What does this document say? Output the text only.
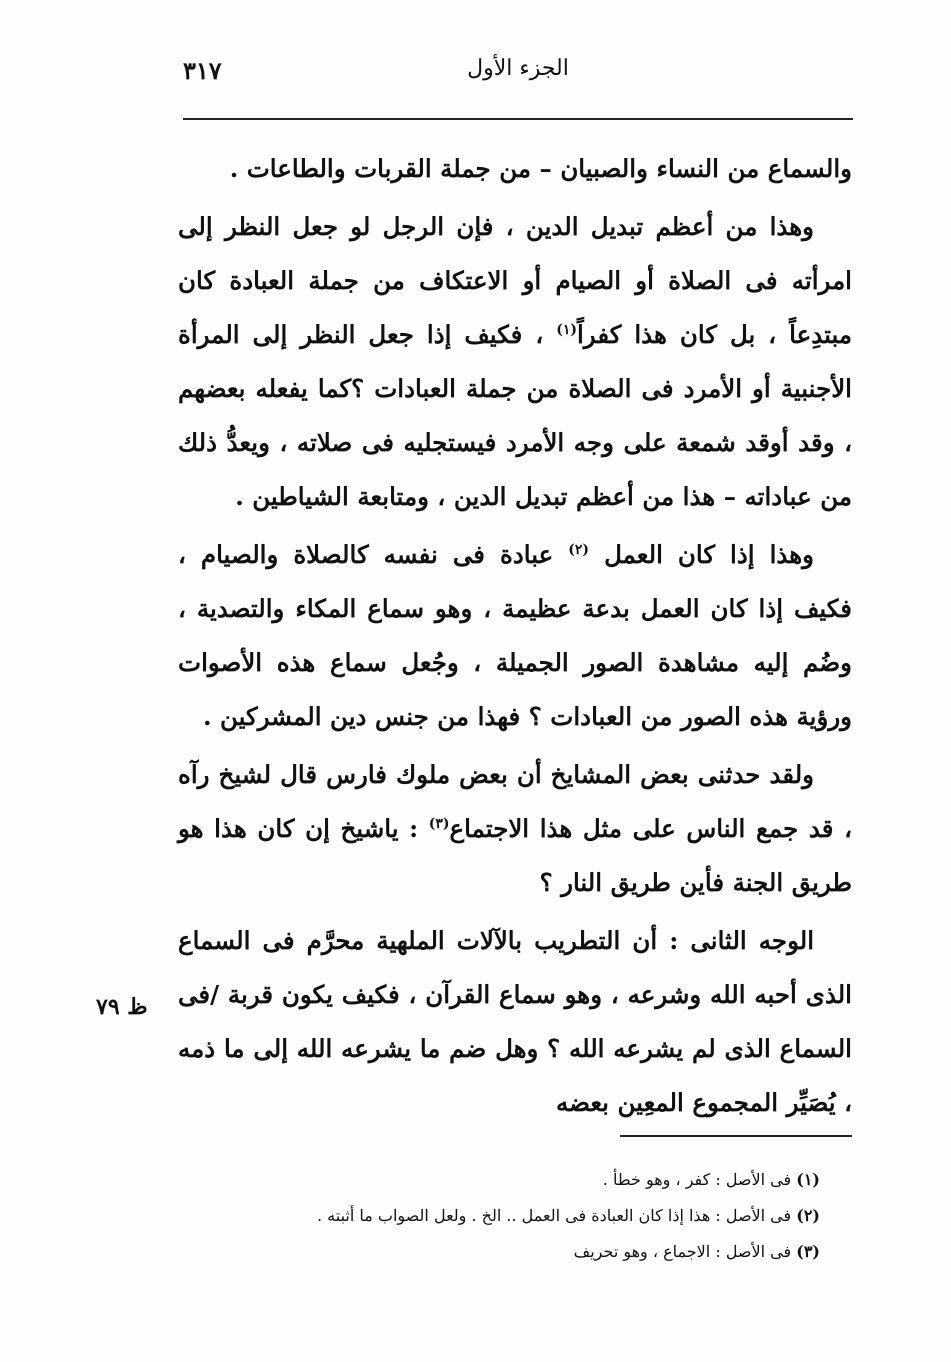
الجزء الأول
٣١٧
ظ ٧٩

والسماع من النساء والصبيان – من جملة القربات والطاعات .

وهذا من أعظم تبديل الدين ، فإن الرجل لو جعل النظر إلى امرأته فى الصلاة أو الصيام أو الاعتكاف من جملة العبادة كان مبتدِعاً ، بل كان هذا كفراً$^{(١)}$ ، فكيف إذا جعل النظر إلى المرأة الأجنبية أو الأمرد فى الصلاة من جملة العبادات ؟كما يفعله بعضهم ، وقد أوقد شمعة على وجه الأمرد فيستجليه فى صلاته ، ويعدُّ ذلك من عباداته – هذا من أعظم تبديل الدين ، ومتابعة الشياطين .

وهذا إذا كان العمل $^{(٢)}$ عبادة فى نفسه كالصلاة والصيام ، فكيف إذا كان العمل بدعة عظيمة ، وهو سماع المكاء والتصدية ، وضُم إليه مشاهدة الصور الجميلة ، وجُعل سماع هذه الأصوات ورؤية هذه الصور من العبادات ؟ فهذا من جنس دين المشركين .

ولقد حدثنى بعض المشايخ أن بعض ملوك فارس قال لشيخ رآه ، قد جمع الناس على مثل هذا الاجتماع$^{(٣)}$ : ياشيخ إن كان هذا هو طريق الجنة فأين طريق النار ؟

الوجه الثانى : أن التطريب بالآلات الملهية محرَّم فى السماع الذى أحبه الله وشرعه ، وهو سماع القرآن ، فكيف يكون قربة /فى السماع الذى لم يشرعه الله ؟ وهل ضم ما يشرعه الله إلى ما ذمه ، يُصَيِّر المجموع المعِين بعضه

(١) فى الأصل : كفر ، وهو خطأ .
(٢) فى الأصل : هذا إذا كان العبادة فى العمل .. الخ . ولعل الصواب ما أثبته .
(٣) فى الأصل : الاجماع ، وهو تحريف
